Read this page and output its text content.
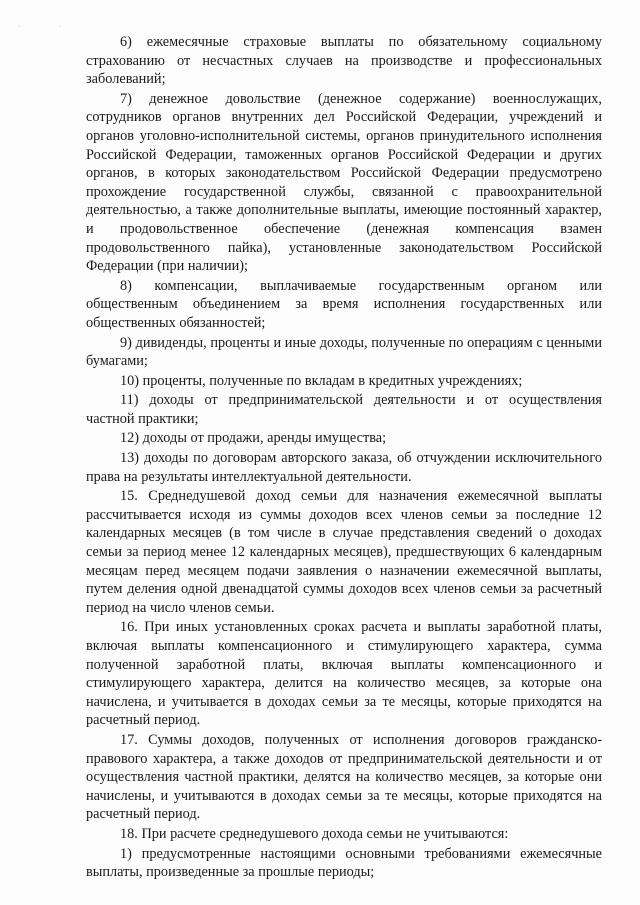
· ·

6) ежемесячные страховые выплаты по обязательному социальному страхованию от несчастных случаев на производстве и профессиональных заболеваний;

7) денежное довольствие (денежное содержание) военнослужащих, сотрудников органов внутренних дел Российской Федерации, учреждений и органов уголовно-исполнительной системы, органов принудительного исполнения Российской Федерации, таможенных органов Российской Федерации и других органов, в которых законодательством Российской Федерации предусмотрено прохождение государственной службы, связанной с правоохранительной деятельностью, а также дополнительные выплаты, имеющие постоянный характер, и продовольственное обеспечение (денежная компенсация взамен продовольственного пайка), установленные законодательством Российской Федерации (при наличии);

8) компенсации, выплачиваемые государственным органом или общественным объединением за время исполнения государственных или общественных обязанностей;

9) дивиденды, проценты и иные доходы, полученные по операциям с ценными бумагами;

10) проценты, полученные по вкладам в кредитных учреждениях;

11) доходы от предпринимательской деятельности и от осуществления частной практики;

12) доходы от продажи, аренды имущества;

13) доходы по договорам авторского заказа, об отчуждении исключительного права на результаты интеллектуальной деятельности.

15. Среднедушевой доход семьи для назначения ежемесячной выплаты рассчитывается исходя из суммы доходов всех членов семьи за последние 12 календарных месяцев (в том числе в случае представления сведений о доходах семьи за период менее 12 календарных месяцев), предшествующих 6 календарным месяцам перед месяцем подачи заявления о назначении ежемесячной выплаты, путем деления одной двенадцатой суммы доходов всех членов семьи за расчетный период на число членов семьи.

16. При иных установленных сроках расчета и выплаты заработной платы, включая выплаты компенсационного и стимулирующего характера, сумма полученной заработной платы, включая выплаты компенсационного и стимулирующего характера, делится на количество месяцев, за которые она начислена, и учитывается в доходах семьи за те месяцы, которые приходятся на расчетный период.

17. Суммы доходов, полученных от исполнения договоров гражданско-правового характера, а также доходов от предпринимательской деятельности и от осуществления частной практики, делятся на количество месяцев, за которые они начислены, и учитываются в доходах семьи за те месяцы, которые приходятся на расчетный период.

18. При расчете среднедушевого дохода семьи не учитываются:

1) предусмотренные настоящими основными требованиями ежемесячные выплаты, произведенные за прошлые периоды;
